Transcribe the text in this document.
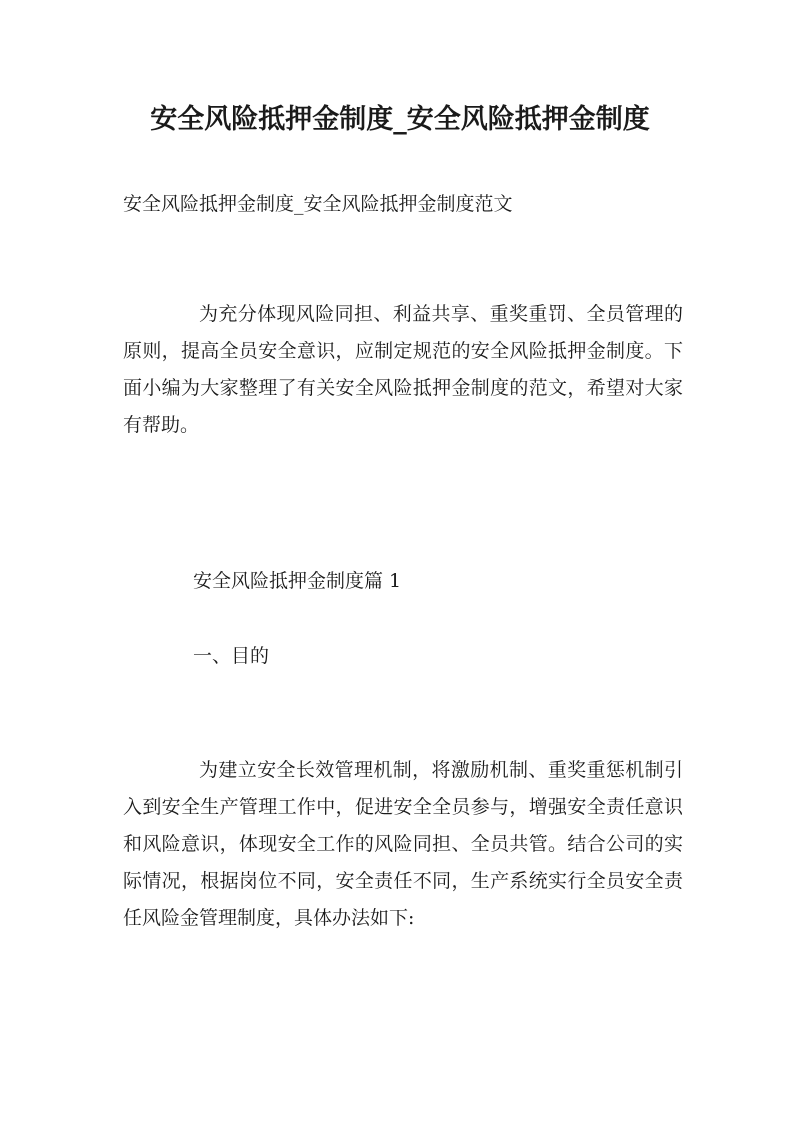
安全风险抵押金制度_安全风险抵押金制度
安全风险抵押金制度_安全风险抵押金制度范文

为充分体现风险同担、利益共享、重奖重罚、全员管理的原则，提高全员安全意识，应制定规范的安全风险抵押金制度。下面小编为大家整理了有关安全风险抵押金制度的范文，希望对大家有帮助。

安全风险抵押金制度篇 1
一、目的

为建立安全长效管理机制，将激励机制、重奖重惩机制引入到安全生产管理工作中，促进安全全员参与，增强安全责任意识和风险意识，体现安全工作的风险同担、全员共管。结合公司的实际情况，根据岗位不同，安全责任不同，生产系统实行全员安全责任风险金管理制度，具体办法如下:
